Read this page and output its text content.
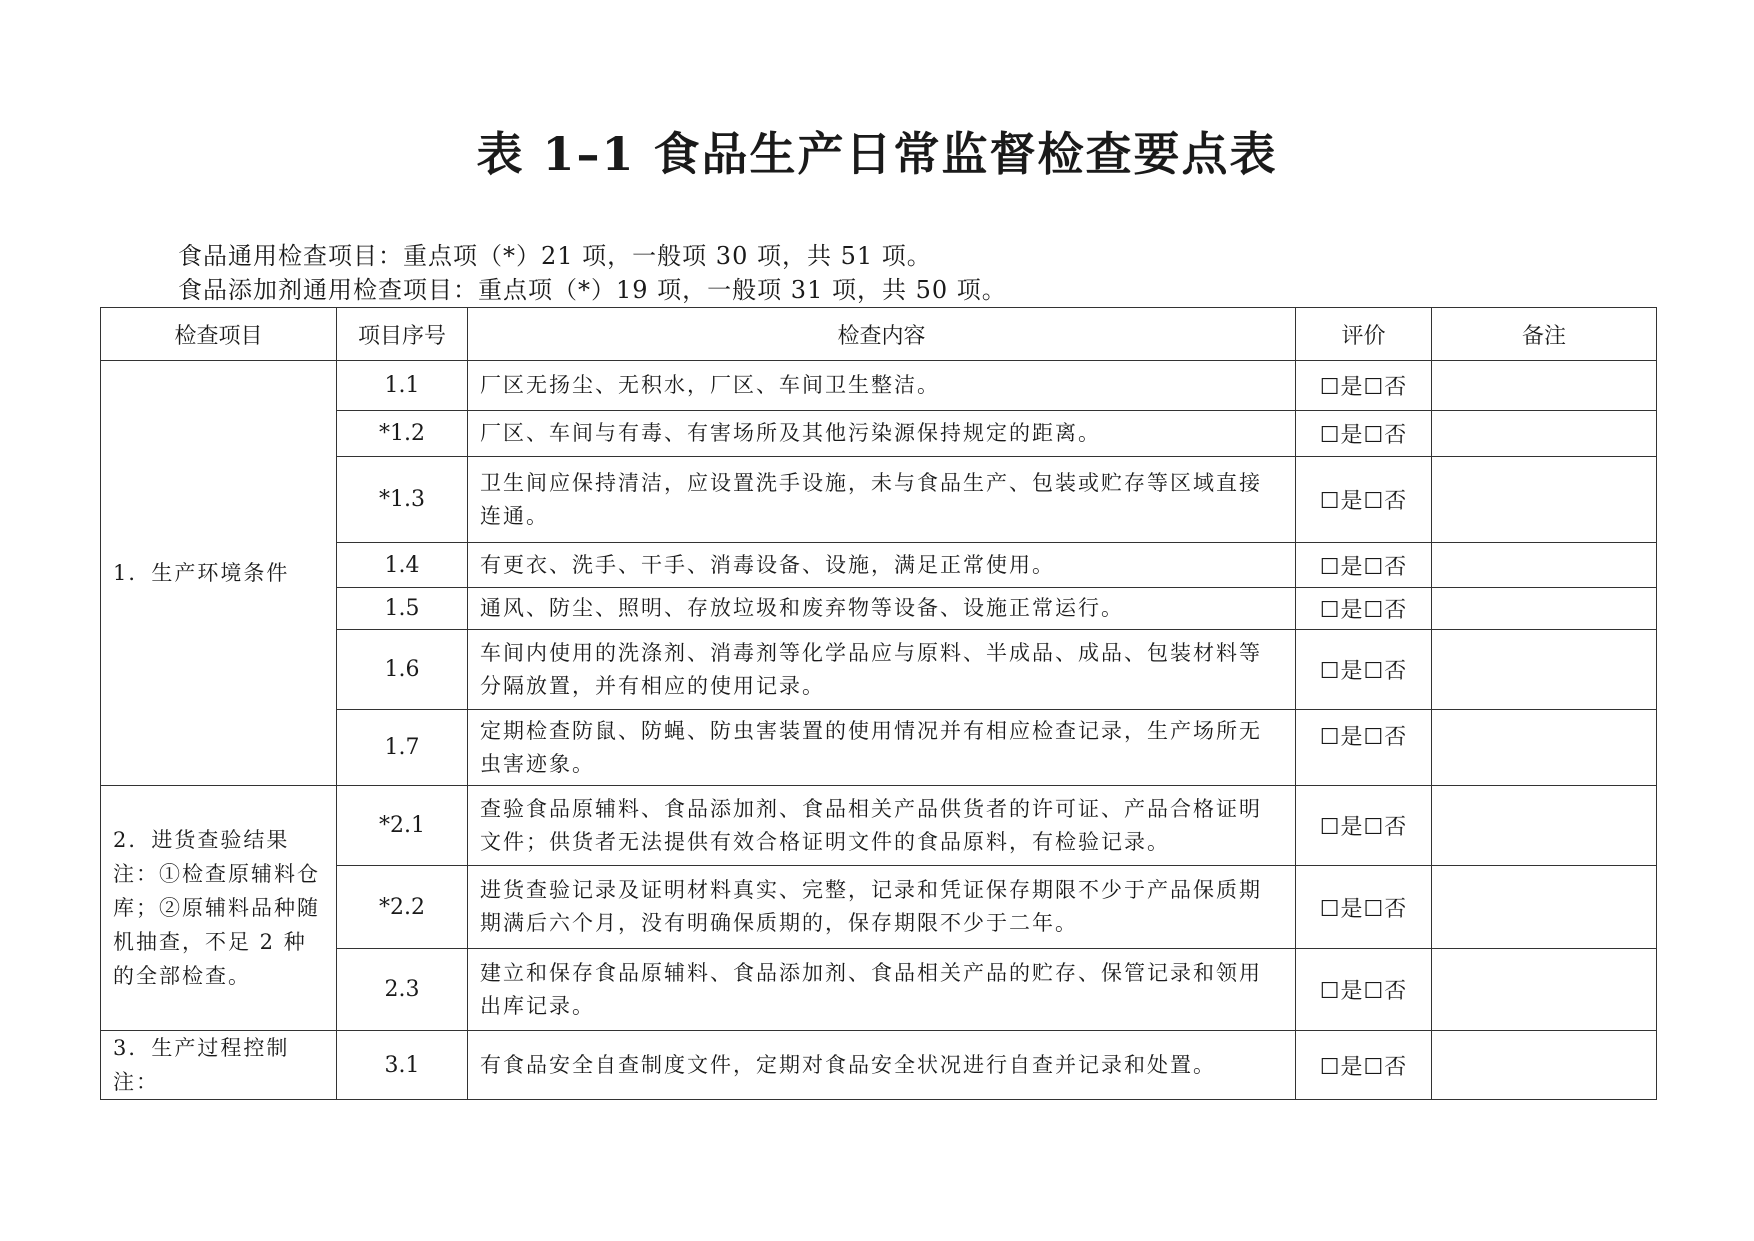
表 1–1 食品生产日常监督检查要点表
食品通用检查项目：重点项（*）21 项，一般项 30 项，共 51 项。
食品添加剂通用检查项目：重点项（*）19 项，一般项 31 项，共 50 项。
检查项目	项目序号	检查内容	评价	备注
1．生产环境条件	1.1	厂区无扬尘、无积水，厂区、车间卫生整洁。	☐是☐否	
	*1.2	厂区、车间与有毒、有害场所及其他污染源保持规定的距离。	☐是☐否	
	*1.3	卫生间应保持清洁，应设置洗手设施，未与食品生产、包装或贮存等区域直接连通。	☐是☐否	
	1.4	有更衣、洗手、干手、消毒设备、设施，满足正常使用。	☐是☐否	
	1.5	通风、防尘、照明、存放垃圾和废弃物等设备、设施正常运行。	☐是☐否	
	1.6	车间内使用的洗涤剂、消毒剂等化学品应与原料、半成品、成品、包装材料等分隔放置，并有相应的使用记录。	☐是☐否	
	1.7	定期检查防鼠、防蝇、防虫害装置的使用情况并有相应检查记录，生产场所无虫害迹象。	☐是☐否	
2．进货查验结果注：①检查原辅料仓库；②原辅料品种随机抽查，不足 2 种的全部检查。	*2.1	查验食品原辅料、食品添加剂、食品相关产品供货者的许可证、产品合格证明文件；供货者无法提供有效合格证明文件的食品原料，有检验记录。	☐是☐否	
	*2.2	进货查验记录及证明材料真实、完整，记录和凭证保存期限不少于产品保质期期满后六个月，没有明确保质期的，保存期限不少于二年。	☐是☐否	
	2.3	建立和保存食品原辅料、食品添加剂、食品相关产品的贮存、保管记录和领用出库记录。	☐是☐否	
3．生产过程控制注：	3.1	有食品安全自查制度文件，定期对食品安全状况进行自查并记录和处置。	☐是☐否	
